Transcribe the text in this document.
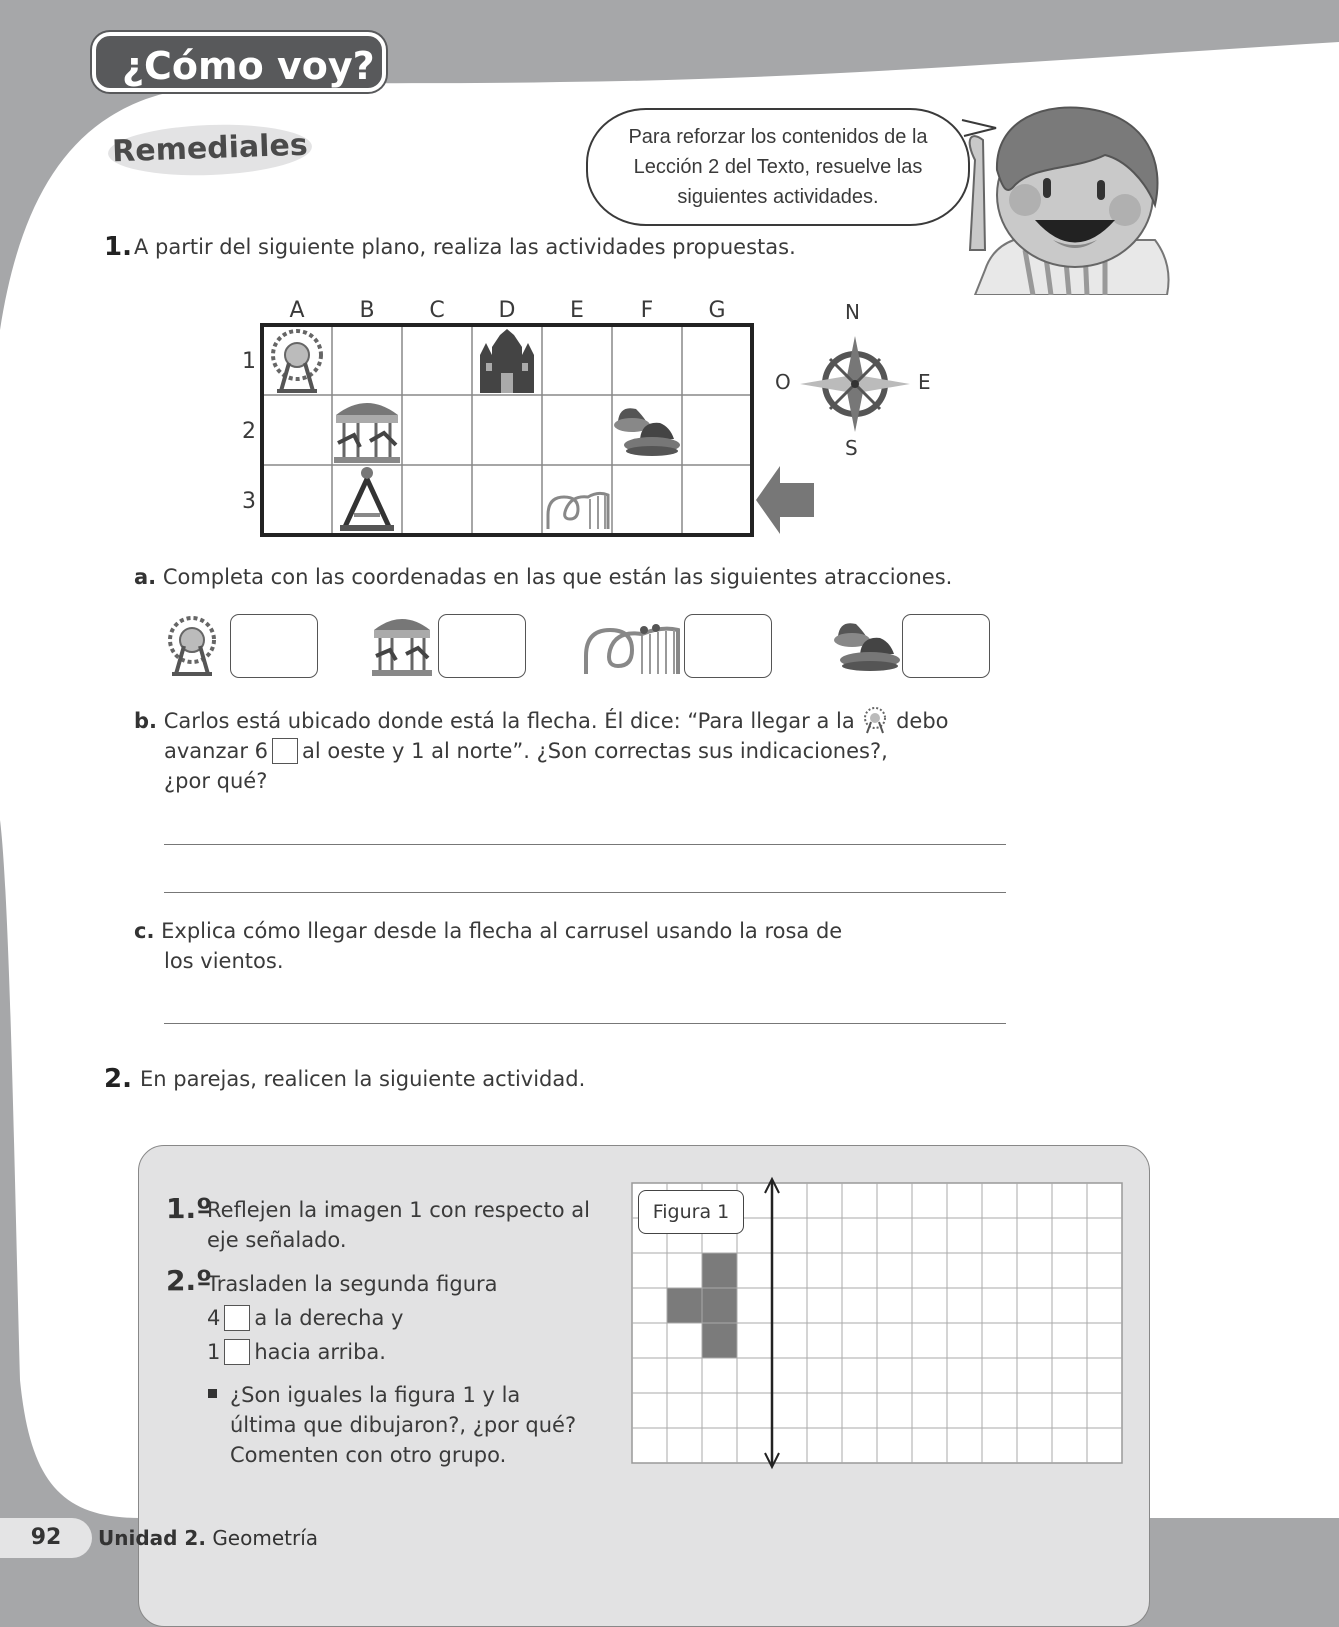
¿Cómo voy?
Remediales	Para reforzar los contenidos de la Lección 2 del Texto, resuelve las siguientes actividades.
1. A partir del siguiente plano, realiza las actividades propuestas.
A B C D E	F	G
1
2
3
N
S
E
O
a. Completa con las coordenadas en las que están las siguientes atracciones.
b. Carlos está ubicado donde está la flecha. Él dice: “Para llegar a la debo
avanzar 6 al oeste y 1 al norte”. ¿Son correctas sus indicaciones?,
¿por qué?
c. Explica cómo llegar desde la flecha al carrusel usando la rosa de
los vientos.
2. En parejas, realicen la siguiente actividad.
1.º
Reflejen la imagen 1 con respecto al
eje señalado.
2.º
Trasladen la segunda figura
4 a la derecha y
1 hacia arriba.
¿Son iguales la figura 1 y la
última que dibujaron?, ¿por qué?
Comenten con otro grupo.
Figura 1
92	Unidad 2. Geometría
